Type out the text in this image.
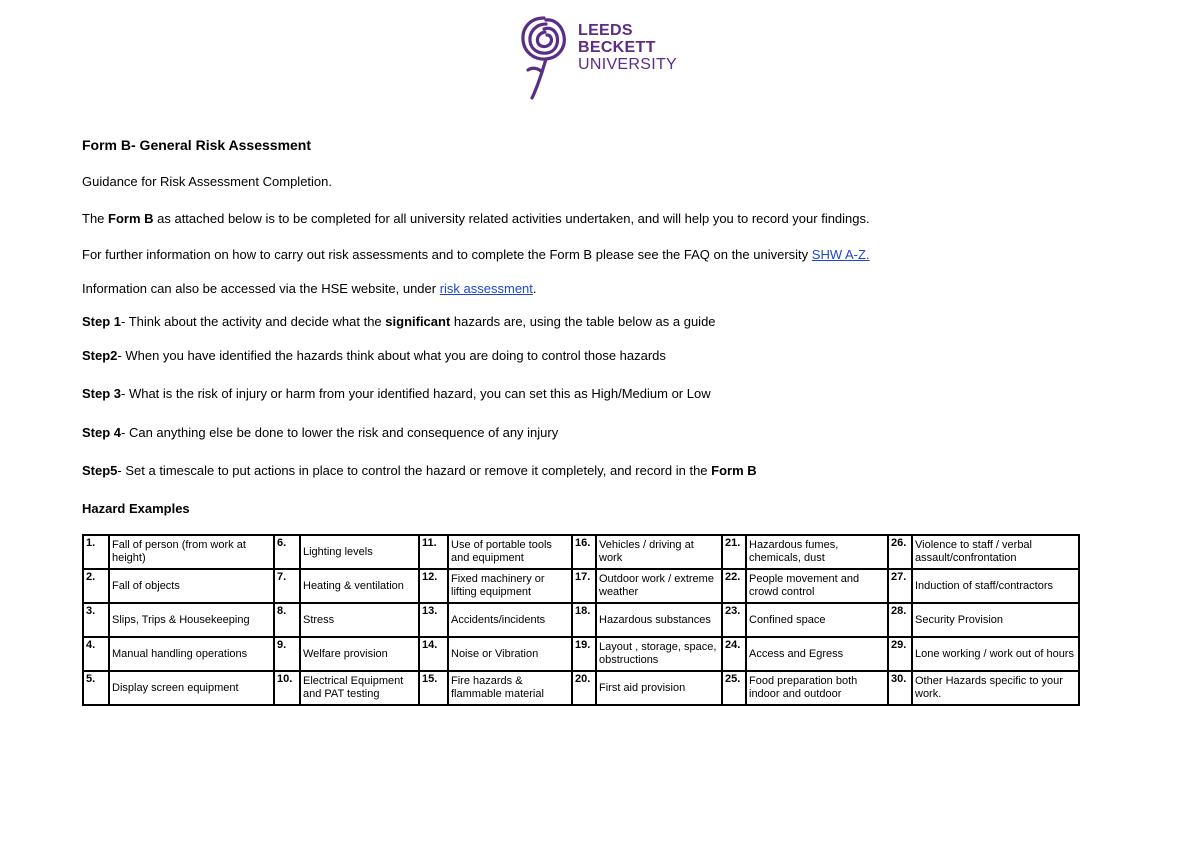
LEEDS
BECKETT
UNIVERSITY
Form B- General Risk Assessment
Guidance for Risk Assessment Completion.
The Form B as attached below is to be completed for all university related activities undertaken, and will help you to record your findings.
For further information on how to carry out risk assessments and to complete the Form B please see the FAQ on the university SHW A-Z.
Information can also be accessed via the HSE website, under risk assessment.
Step 1- Think about the activity and decide what the significant hazards are, using the table below as a guide
Step2- When you have identified the hazards think about what you are doing to control those hazards
Step 3- What is the risk of injury or harm from your identified hazard, you can set this as High/Medium or Low
Step 4- Can anything else be done to lower the risk and consequence of any injury
Step5- Set a timescale to put actions in place to control the hazard or remove it completely, and record in the Form B
Hazard Examples
1.	Fall of person (from work at height)	6.	Lighting levels	11.	Use of portable tools and equipment	16.	Vehicles / driving at work	21.	Hazardous fumes, chemicals, dust	26.	Violence to staff / verbal assault/confrontation
2.	Fall of objects	7.	Heating & ventilation	12.	Fixed machinery or lifting equipment	17.	Outdoor work / extreme weather	22.	People movement and crowd control	27.	Induction of staff/contractors
3.	Slips, Trips & Housekeeping	8.	Stress	13.	Accidents/incidents	18.	Hazardous substances	23.	Confined space	28.	Security Provision
4.	Manual handling operations	9.	Welfare provision	14.	Noise or Vibration	19.	Layout , storage, space, obstructions	24.	Access and Egress	29.	Lone working / work out of hours
5.	Display screen equipment	10.	Electrical Equipment and PAT testing	15.	Fire hazards & flammable material	20.	First aid provision	25.	Food preparation both indoor and outdoor	30.	Other Hazards specific to your work.
